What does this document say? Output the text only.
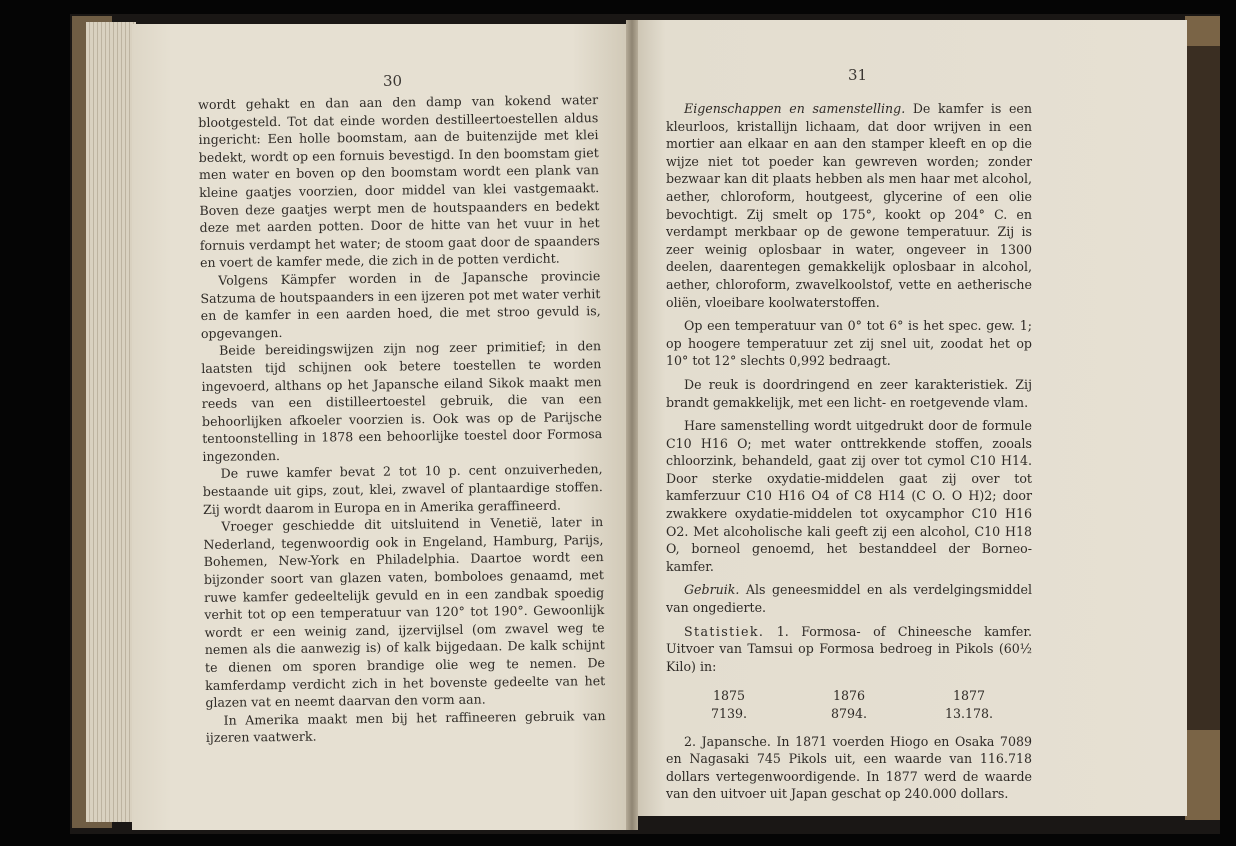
30	31

wordt gehakt en dan aan den damp van kokend water blootgesteld. Tot dat einde worden destilleertoestellen aldus ingericht: Een holle boomstam, aan de buitenzijde met klei bedekt, wordt op een fornuis bevestigd. In den boomstam giet men water en boven op den boomstam wordt een plank van kleine gaatjes voorzien, door middel van klei vastgemaakt. Boven deze gaatjes werpt men de houtspaanders en bedekt deze met aarden potten. Door de hitte van het vuur in het fornuis verdampt het water; de stoom gaat door de spaanders en voert de kamfer mede, die zich in de potten verdicht.

Volgens Kämpfer worden in de Japansche provincie Satzuma de houtspaanders in een ijzeren pot met water verhit en de kamfer in een aarden hoed, die met stroo gevuld is, opgevangen.

Beide bereidingswijzen zijn nog zeer primitief; in den laatsten tijd schijnen ook betere toestellen te worden ingevoerd, althans op het Japansche eiland Sikok maakt men reeds van een distilleertoestel gebruik, die van een behoorlijken afkoeler voorzien is. Ook was op de Parijsche tentoonstelling in 1878 een behoorlijke toestel door Formosa ingezonden.

De ruwe kamfer bevat 2 tot 10 p. cent onzuiverheden, bestaande uit gips, zout, klei, zwavel of plantaardige stoffen. Zij wordt daarom in Europa en in Amerika geraffineerd.

Vroeger geschiedde dit uitsluitend in Venetië, later in Nederland, tegenwoordig ook in Engeland, Hamburg, Parijs, Bohemen, New-York en Philadelphia. Daartoe wordt een bijzonder soort van glazen vaten, bomboloes genaamd, met ruwe kamfer gedeeltelijk gevuld en in een zandbak spoedig verhit tot op een temperatuur van 120° tot 190°. Gewoonlijk wordt er een weinig zand, ijzervijlsel (om zwavel weg te nemen als die aanwezig is) of kalk bijgedaan. De kalk schijnt te dienen om sporen brandige olie weg te nemen. De kamferdamp verdicht zich in het bovenste gedeelte van het glazen vat en neemt daarvan den vorm aan.

In Amerika maakt men bij het raffineeren gebruik van ijzeren vaatwerk.

Eigenschappen en samenstelling. De kamfer is een kleurloos, kristallijn lichaam, dat door wrijven in een mortier aan elkaar en aan den stamper kleeft en op die wijze niet tot poeder kan gewreven worden; zonder bezwaar kan dit plaats hebben als men haar met alcohol, aether, chloroform, houtgeest, glycerine of een olie bevochtigt. Zij smelt op 175°, kookt op 204° C. en verdampt merkbaar op de gewone temperatuur. Zij is zeer weinig oplosbaar in water, ongeveer in 1300 deelen, daarentegen gemakkelijk oplosbaar in alcohol, aether, chloroform, zwavelkoolstof, vette en aetherische oliën, vloeibare koolwaterstoffen.

Op een temperatuur van 0° tot 6° is het spec. gew. 1; op hoogere temperatuur zet zij snel uit, zoodat het op 10° tot 12° slechts 0,992 bedraagt.

De reuk is doordringend en zeer karakteristiek. Zij brandt gemakkelijk, met een licht- en roetgevende vlam.

Hare samenstelling wordt uitgedrukt door de formule C10 H16 O; met water onttrekkende stoffen, zooals chloorzink, behandeld, gaat zij over tot cymol C10 H14. Door sterke oxydatie-middelen gaat zij over tot kamferzuur C10 H16 O4 of C8 H14 (C O. O H)2; door zwakkere oxydatie-middelen tot oxycamphor C10 H16 O2. Met alcoholische kali geeft zij een alcohol, C10 H18 O, borneol genoemd, het bestanddeel der Borneo-kamfer.

Gebruik. Als geneesmiddel en als verdelgingsmiddel van ongedierte.

Statistiek. 1. Formosa- of Chineesche kamfer. Uitvoer van Tamsui op Formosa bedroeg in Pikols (60½ Kilo) in:

1875	1876	1877
7139.	8794.	13.178.

2. Japansche. In 1871 voerden Hiogo en Osaka 7089 en Nagasaki 745 Pikols uit, een waarde van 116.718 dollars vertegenwoordigende. In 1877 werd de waarde van den uitvoer uit Japan geschat op 240.000 dollars.
